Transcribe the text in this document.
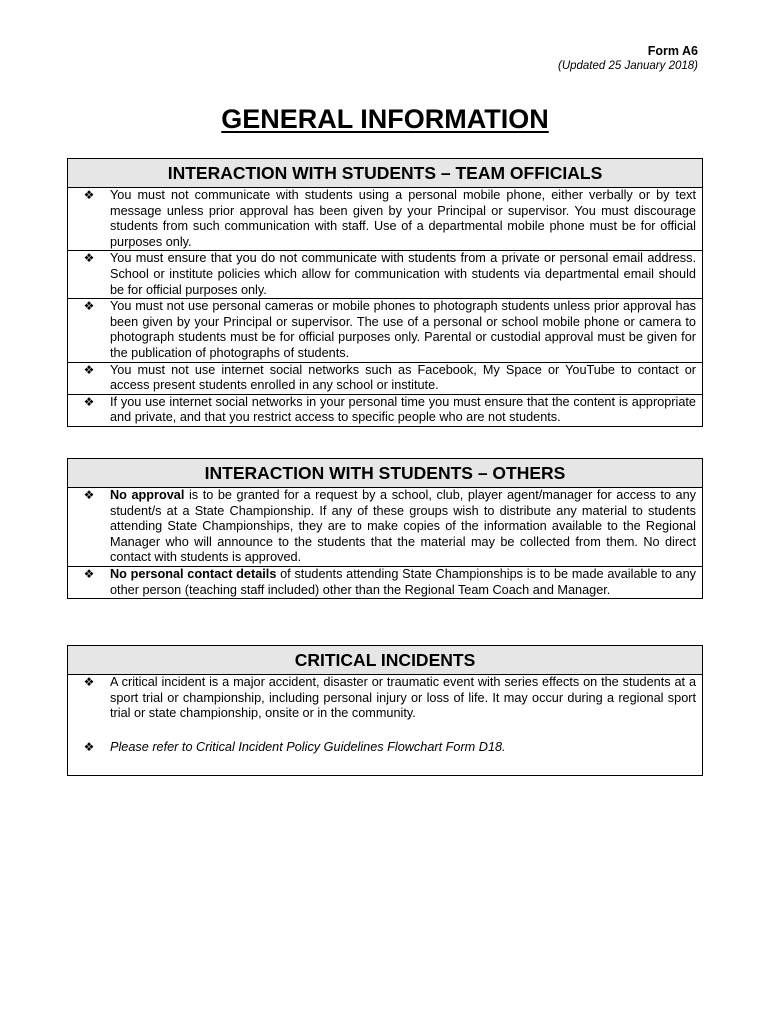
Form A6
(Updated 25 January 2018)
GENERAL INFORMATION
INTERACTION WITH STUDENTS – TEAM OFFICIALS
❖	You must not communicate with students using a personal mobile phone, either verbally or by text message unless prior approval has been given by your Principal or supervisor. You must discourage students from such communication with staff. Use of a departmental mobile phone must be for official purposes only.
❖	You must ensure that you do not communicate with students from a private or personal email address. School or institute policies which allow for communication with students via departmental email should be for official purposes only.
❖	You must not use personal cameras or mobile phones to photograph students unless prior approval has been given by your Principal or supervisor. The use of a personal or school mobile phone or camera to photograph students must be for official purposes only. Parental or custodial approval must be given for the publication of photographs of students.
❖	You must not use internet social networks such as Facebook, My Space or YouTube to contact or access present students enrolled in any school or institute.
❖	If you use internet social networks in your personal time you must ensure that the content is appropriate and private, and that you restrict access to specific people who are not students.
INTERACTION WITH STUDENTS – OTHERS
❖	No approval is to be granted for a request by a school, club, player agent/manager for access to any student/s at a State Championship. If any of these groups wish to distribute any material to students attending State Championships, they are to make copies of the information available to the Regional Manager who will announce to the students that the material may be collected from them. No direct contact with students is approved.
❖	No personal contact details of students attending State Championships is to be made available to any other person (teaching staff included) other than the Regional Team Coach and Manager.
CRITICAL INCIDENTS
❖	A critical incident is a major accident, disaster or traumatic event with series effects on the students at a sport trial or championship, including personal injury or loss of life. It may occur during a regional sport trial or state championship, onsite or in the community.
❖	Please refer to Critical Incident Policy Guidelines Flowchart Form D18.
